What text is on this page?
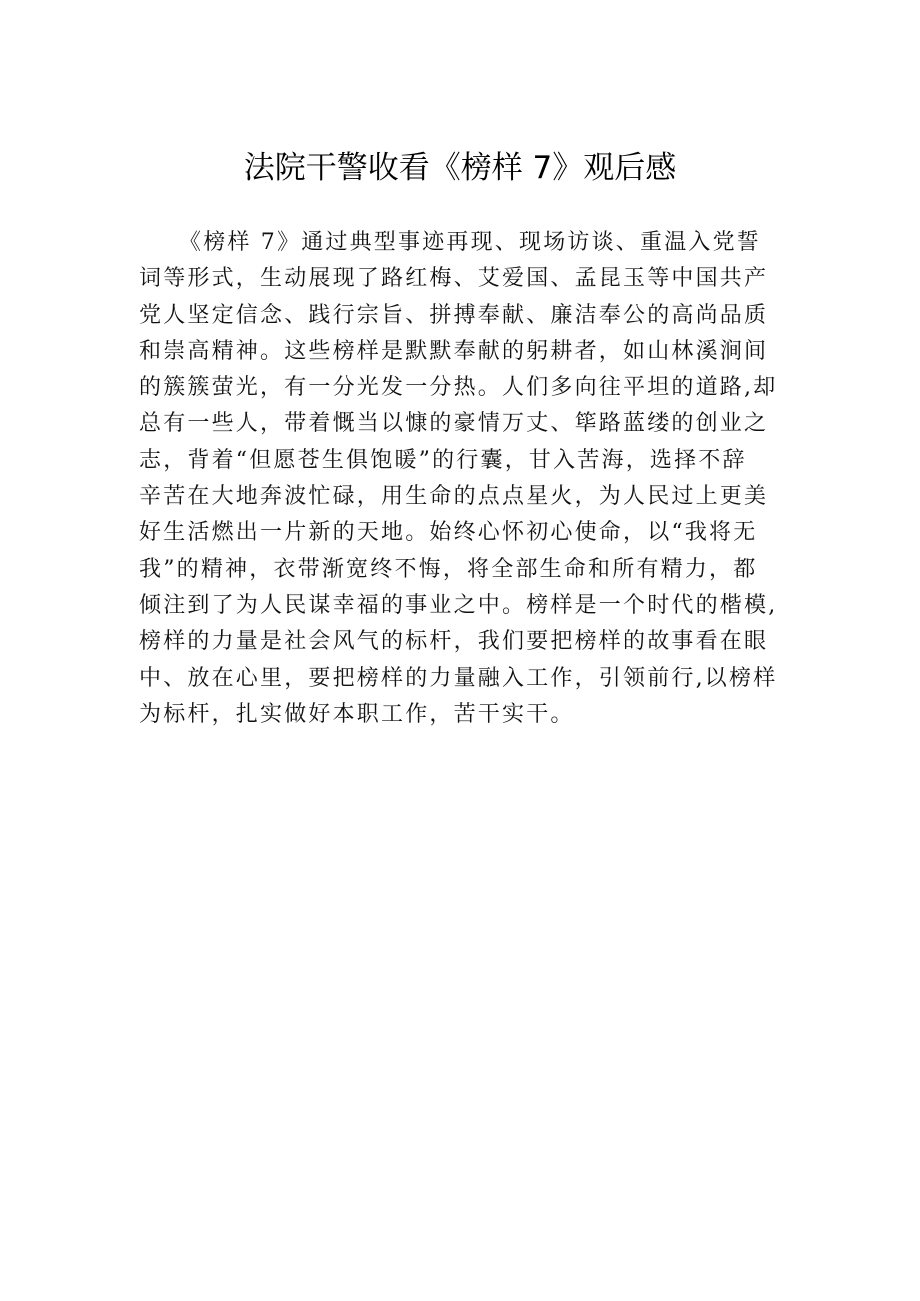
法院干警收看《榜样 7》观后感
《榜样 7》通过典型事迹再现、现场访谈、重温入党誓
词等形式，生动展现了路红梅、艾爱国、孟昆玉等中国共产
党人坚定信念、践行宗旨、拼搏奉献、廉洁奉公的高尚品质
和崇高精神。这些榜样是默默奉献的躬耕者，如山林溪涧间
的簇簇萤光，有一分光发一分热。人们多向往平坦的道路,却
总有一些人，带着慨当以慷的豪情万丈、筚路蓝缕的创业之
志，背着“但愿苍生俱饱暖”的行囊，甘入苦海，选择不辞
辛苦在大地奔波忙碌，用生命的点点星火，为人民过上更美
好生活燃出一片新的天地。始终心怀初心使命，以“我将无
我”的精神，衣带渐宽终不悔，将全部生命和所有精力，都
倾注到了为人民谋幸福的事业之中。榜样是一个时代的楷模,
榜样的力量是社会风气的标杆，我们要把榜样的故事看在眼
中、放在心里，要把榜样的力量融入工作，引领前行,以榜样
为标杆，扎实做好本职工作，苦干实干。
